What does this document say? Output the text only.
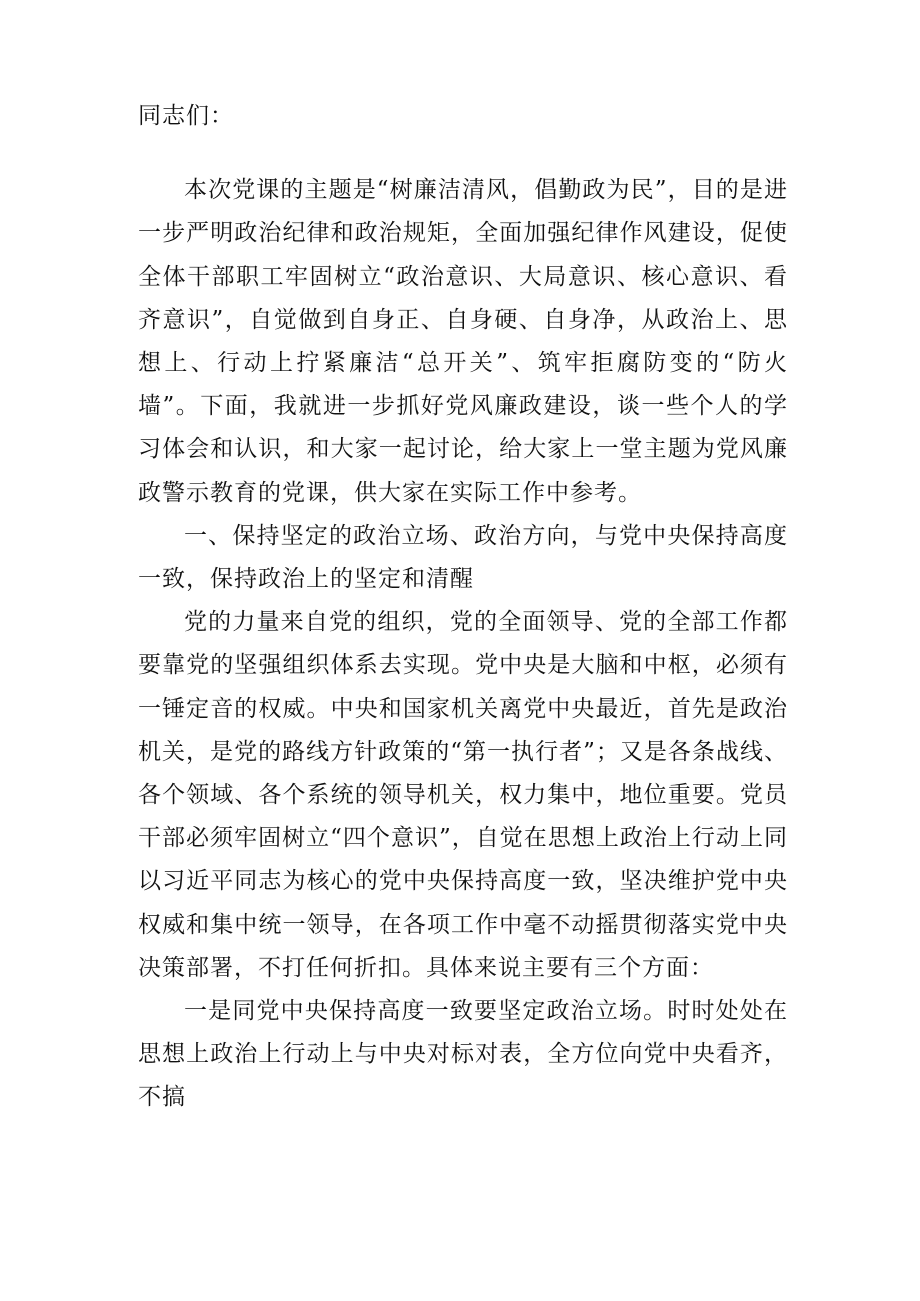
同志们：

本次党课的主题是“树廉洁清风，倡勤政为民”，目的是进一步严明政治纪律和政治规矩，全面加强纪律作风建设，促使全体干部职工牢固树立“政治意识、大局意识、核心意识、看齐意识”，自觉做到自身正、自身硬、自身净，从政治上、思想上、行动上拧紧廉洁“总开关”、筑牢拒腐防变的“防火墙”。下面，我就进一步抓好党风廉政建设，谈一些个人的学习体会和认识，和大家一起讨论，给大家上一堂主题为党风廉政警示教育的党课，供大家在实际工作中参考。

一、保持坚定的政治立场、政治方向，与党中央保持高度一致，保持政治上的坚定和清醒

党的力量来自党的组织，党的全面领导、党的全部工作都要靠党的坚强组织体系去实现。党中央是大脑和中枢，必须有一锤定音的权威。中央和国家机关离党中央最近，首先是政治机关，是党的路线方针政策的“第一执行者”；又是各条战线、各个领域、各个系统的领导机关，权力集中，地位重要。党员干部必须牢固树立“四个意识”，自觉在思想上政治上行动上同以习近平同志为核心的党中央保持高度一致，坚决维护党中央权威和集中统一领导，在各项工作中毫不动摇贯彻落实党中央决策部署，不打任何折扣。具体来说主要有三个方面：

一是同党中央保持高度一致要坚定政治立场。时时处处在思想上政治上行动上与中央对标对表，全方位向党中央看齐，不搞
